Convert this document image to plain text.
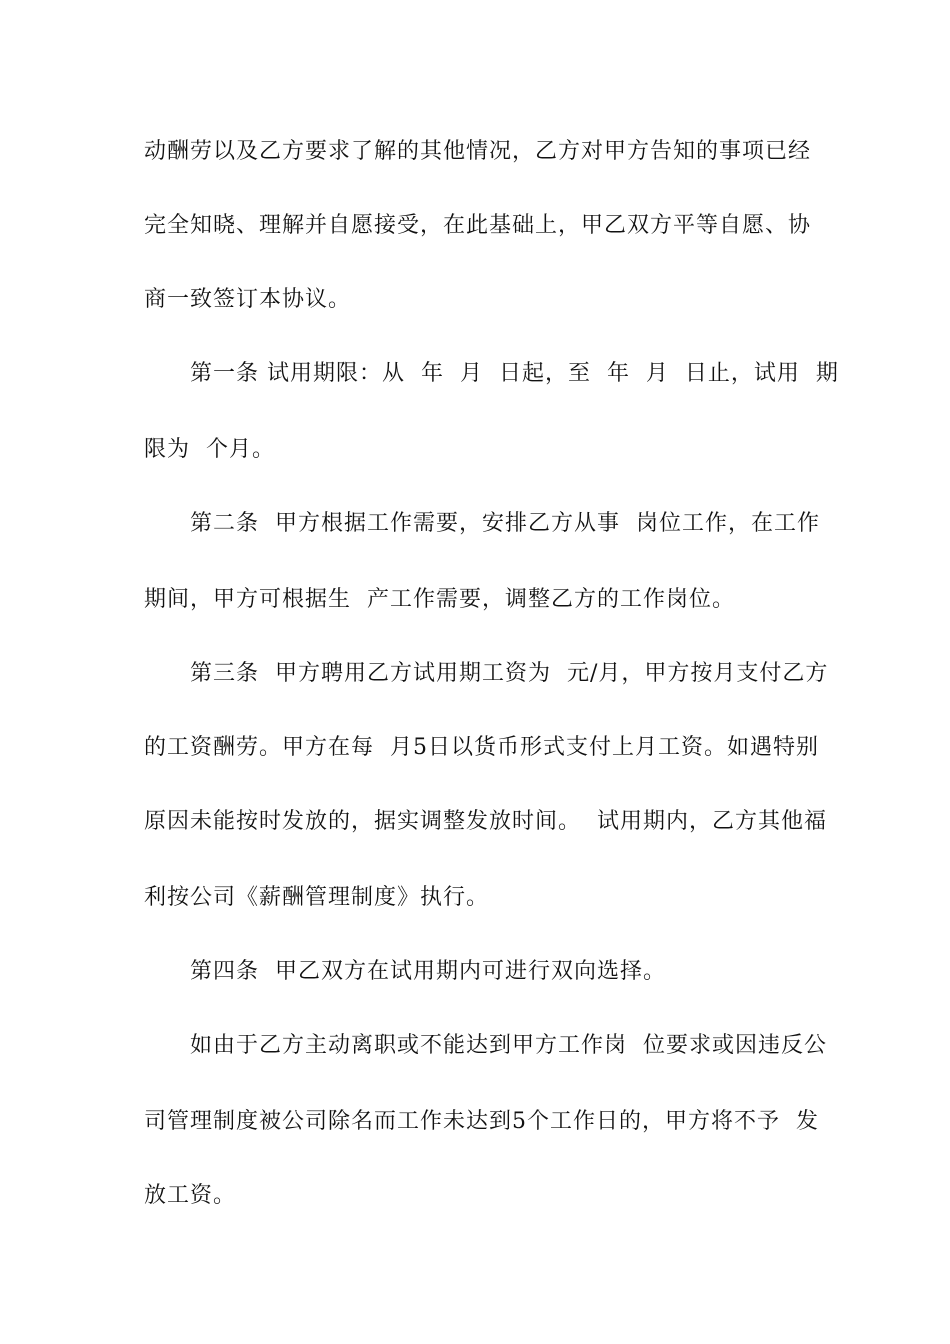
动酬劳以及乙方要求了解的其他情况，乙方对甲方告知的事项已经
完全知晓、理解并自愿接受，在此基础上，甲乙双方平等自愿、协
商一致签订本协议。
第一条 试用期限：从  年  月  日起，至  年  月  日止，试用  期
限为  个月。
第二条  甲方根据工作需要，安排乙方从事  岗位工作，在工作
期间，甲方可根据生  产工作需要，调整乙方的工作岗位。
第三条  甲方聘用乙方试用期工资为  元/月，甲方按月支付乙方
的工资酬劳。甲方在每  月5日以货币形式支付上月工资。如遇特别
原因未能按时发放的，据实调整发放时间。  试用期内，乙方其他福
利按公司《薪酬管理制度》执行。
第四条  甲乙双方在试用期内可进行双向选择。
如由于乙方主动离职或不能达到甲方工作岗  位要求或因违反公
司管理制度被公司除名而工作未达到5个工作日的，甲方将不予  发
放工资。
